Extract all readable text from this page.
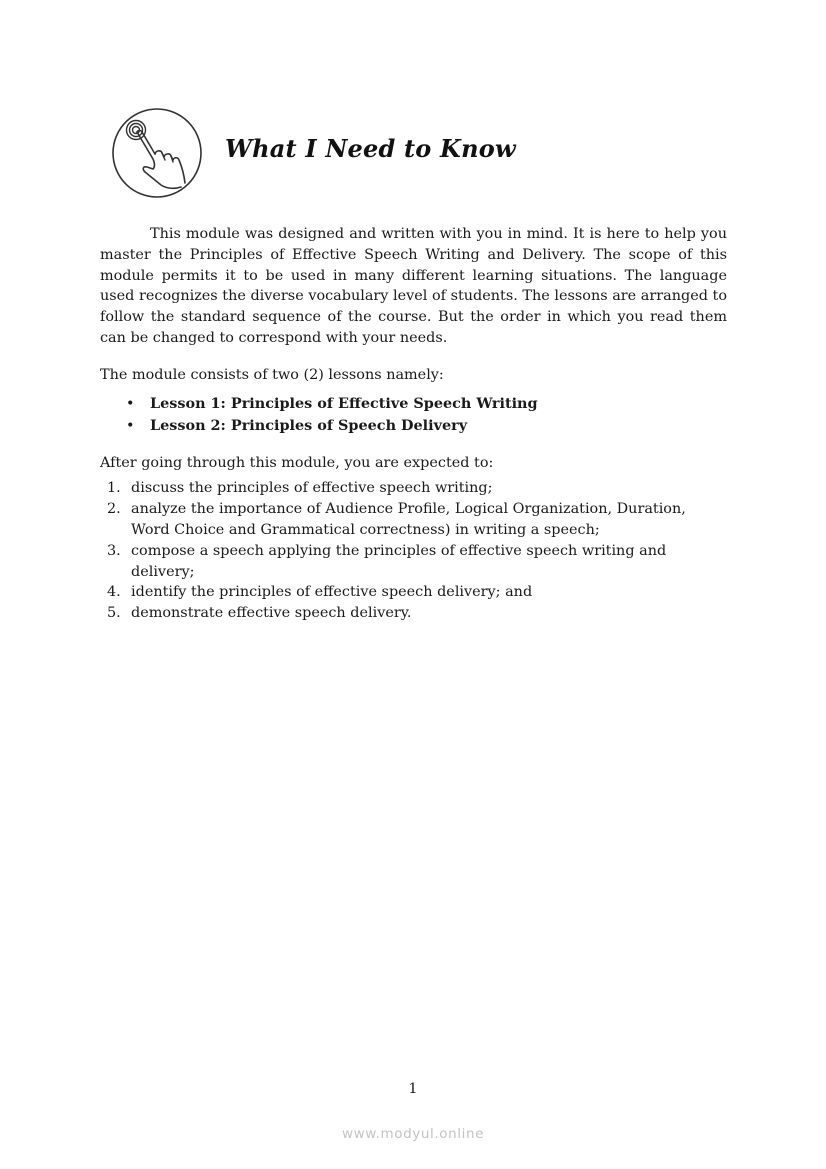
What I Need to Know

This module was designed and written with you in mind. It is here to help you master the Principles of Effective Speech Writing and Delivery. The scope of this module permits it to be used in many different learning situations. The language used recognizes the diverse vocabulary level of students. The lessons are arranged to follow the standard sequence of the course. But the order in which you read them can be changed to correspond with your needs.

The module consists of two (2) lessons namely:

• Lesson 1: Principles of Effective Speech Writing
• Lesson 2: Principles of Speech Delivery

After going through this module, you are expected to:

1. discuss the principles of effective speech writing;
2. analyze the importance of Audience Profile, Logical Organization, Duration, Word Choice and Grammatical correctness) in writing a speech;
3. compose a speech applying the principles of effective speech writing and delivery;
4. identify the principles of effective speech delivery; and
5. demonstrate effective speech delivery.
1
www.modyul.online
